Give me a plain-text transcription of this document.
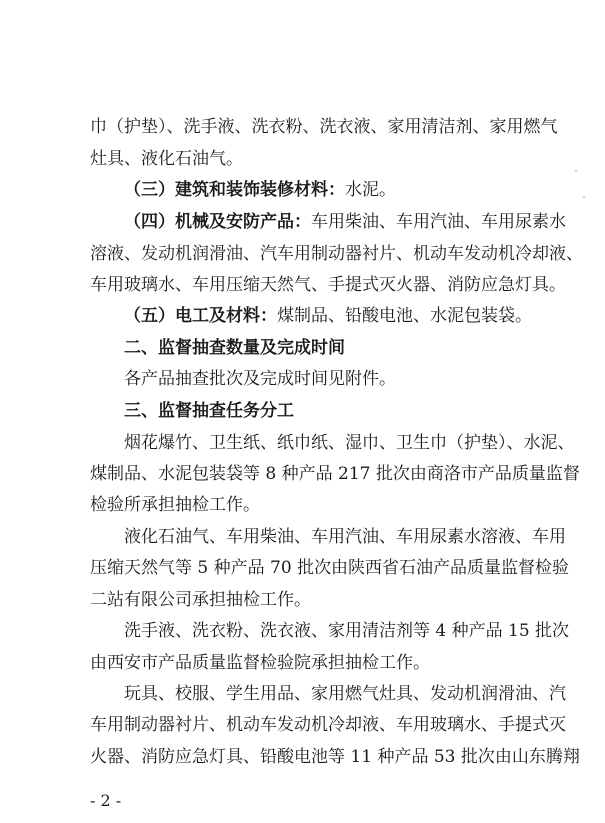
巾（护垫）、洗手液、洗衣粉、洗衣液、家用清洁剂、家用燃气
灶具、液化石油气。
（三）建筑和装饰装修材料：水泥。
（四）机械及安防产品：车用柴油、车用汽油、车用尿素水
溶液、发动机润滑油、汽车用制动器衬片、机动车发动机冷却液、
车用玻璃水、车用压缩天然气、手提式灭火器、消防应急灯具。
（五）电工及材料：煤制品、铅酸电池、水泥包装袋。
二、监督抽查数量及完成时间
各产品抽查批次及完成时间见附件。
三、监督抽查任务分工
烟花爆竹、卫生纸、纸巾纸、湿巾、卫生巾（护垫）、水泥、
煤制品、水泥包装袋等 8 种产品 217 批次由商洛市产品质量监督
检验所承担抽检工作。
液化石油气、车用柴油、车用汽油、车用尿素水溶液、车用
压缩天然气等 5 种产品 70 批次由陕西省石油产品质量监督检验
二站有限公司承担抽检工作。
洗手液、洗衣粉、洗衣液、家用清洁剂等 4 种产品 15 批次
由西安市产品质量监督检验院承担抽检工作。
玩具、校服、学生用品、家用燃气灶具、发动机润滑油、汽
车用制动器衬片、机动车发动机冷却液、车用玻璃水、手提式灭
火器、消防应急灯具、铅酸电池等 11 种产品 53 批次由山东腾翔
- 2 -
